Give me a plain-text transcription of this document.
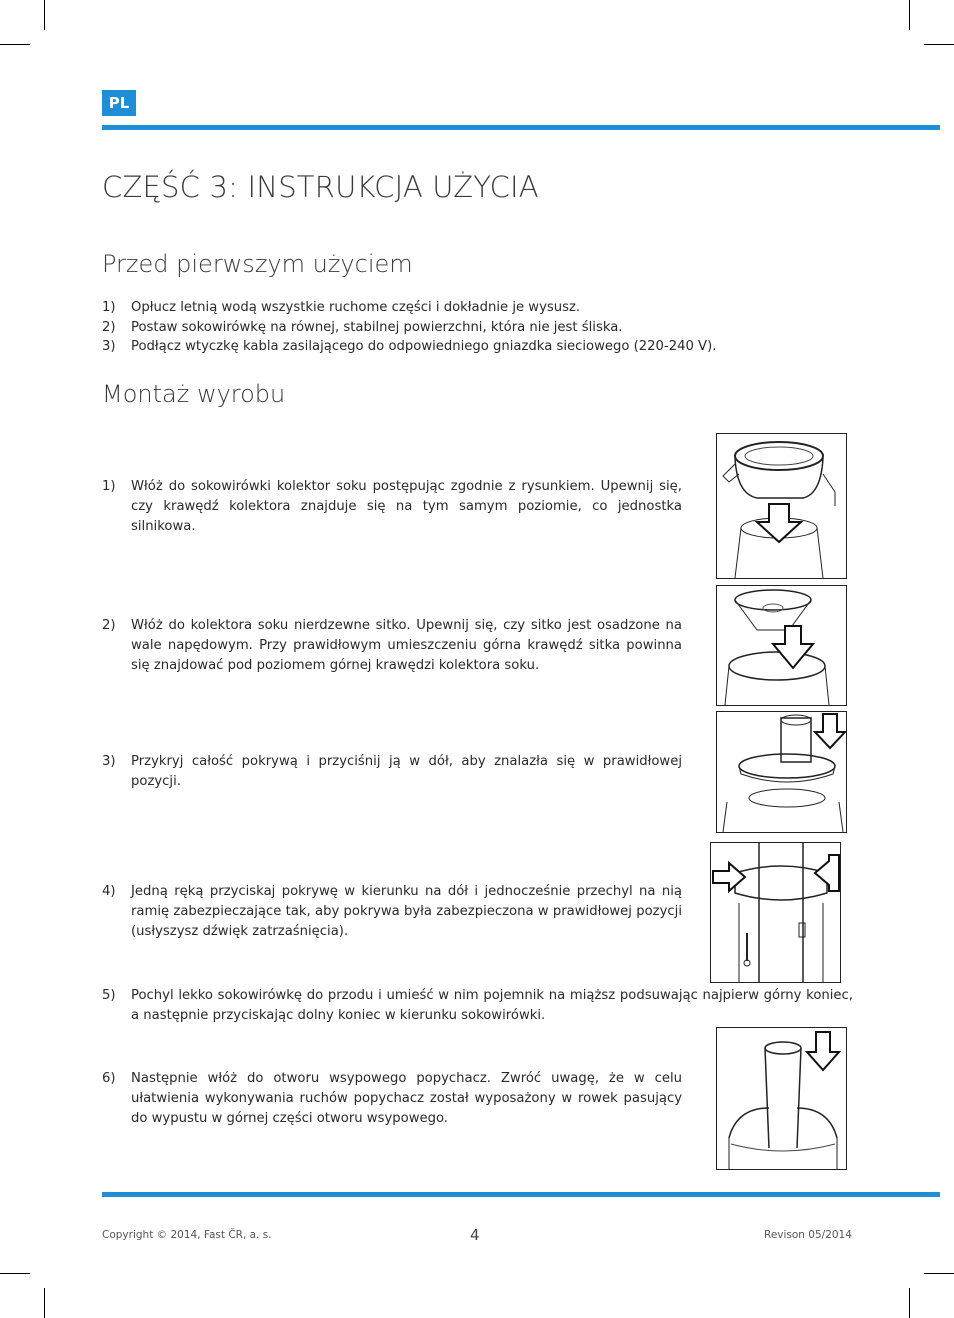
PL
CZĘŚĆ 3: INSTRUKCJA UŻYCIA
Przed pierwszym użyciem
1)	Opłucz letnią wodą wszystkie ruchome części i dokładnie je wysusz.
2)	Postaw sokowirówkę na równej, stabilnej powierzchni, która nie jest śliska.
3)	Podłącz wtyczkę kabla zasilającego do odpowiedniego gniazdka sieciowego (220-240 V).
Montaż wyrobu
1)	Włóż do sokowirówki kolektor soku postępując zgodnie z rysunkiem. Upewnij się, czy krawędź kolektora znajduje się na tym samym poziomie, co jednostka silnikowa.
2)	Włóż do kolektora soku nierdzewne sitko. Upewnij się, czy sitko jest osadzone na wale napędowym. Przy prawidłowym umieszczeniu górna krawędź sitka powinna się znajdować pod poziomem górnej krawędzi kolektora soku.
3)	Przykryj całość pokrywą i przyciśnij ją w dół, aby znalazła się w prawidłowej pozycji.
4)	Jedną ręką przyciskaj pokrywę w kierunku na dół i jednocześnie przechyl na nią ramię zabezpieczające tak, aby pokrywa była zabezpieczona w prawidłowej pozycji (usłyszysz dźwięk zatrzaśnięcia).
5)	Pochyl lekko sokowirówkę do przodu i umieść w nim pojemnik na miąższ podsuwając najpierw górny koniec, a następnie przyciskając dolny koniec w kierunku sokowirówki.
6)	Następnie włóż do otworu wsypowego popychacz. Zwróć uwagę, że w celu ułatwienia wykonywania ruchów popychacz został wyposażony w rowek pasujący do wypustu w górnej części otworu wsypowego.
Copyright © 2014, Fast ČR, a. s.	4	Revison 05/2014
